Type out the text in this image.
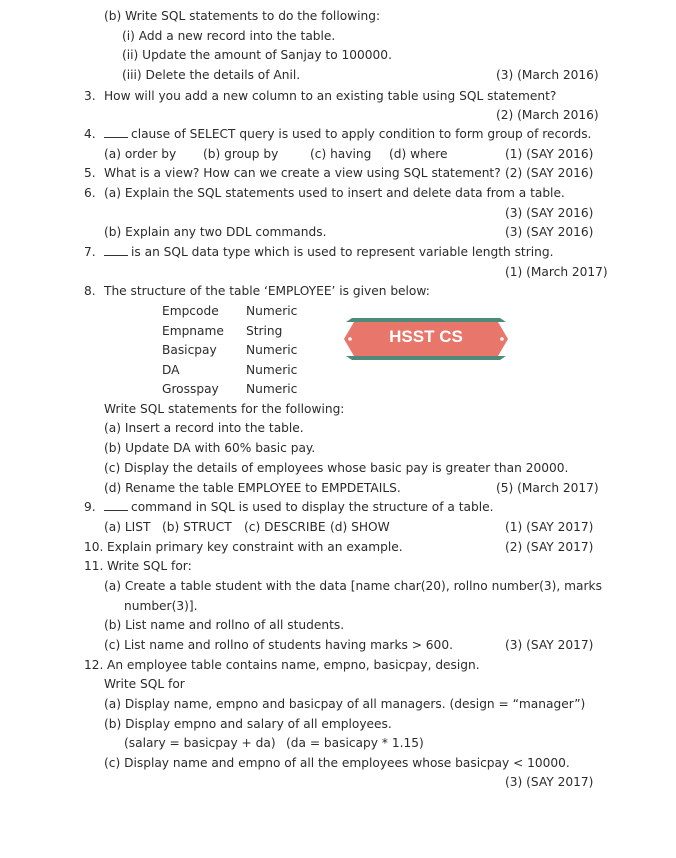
(b) Write SQL statements to do the following:
(i) Add a new record into the table.
(ii) Update the amount of Sanjay to 100000.
(iii) Delete the details of Anil.	(3) (March 2016)
3. How will you add a new column to an existing table using SQL statement?
(2) (March 2016)
4.	clause of SELECT query is used to apply condition to form group of records.
(a) order by (b) group by	(c) having (d) where	(1) (SAY 2016)
5. What is a view? How can we create a view using SQL statement? (2) (SAY 2016)
6. (a) Explain the SQL statements used to insert and delete data from a table.
(3) (SAY 2016)
(b) Explain any two DDL commands.	(3) (SAY 2016)
7.	is an SQL data type which is used to represent variable length string.
(1) (March 2017)
8. The structure of the table ‘EMPLOYEE’ is given below:
Empcode Numeric
Empname String
Basicpay Numeric
DA	Numeric
Grosspay Numeric
HSST CS
Write SQL statements for the following:
(a) Insert a record into the table.
(b) Update DA with 60% basic pay.
(c) Display the details of employees whose basic pay is greater than 20000.
(d) Rename the table EMPLOYEE to EMPDETAILS.	(5) (March 2017)
9.	command in SQL is used to display the structure of a table.
(a) LIST (b) STRUCT (c) DESCRIBE (d) SHOW	(1) (SAY 2017)
10. Explain primary key constraint with an example.	(2) (SAY 2017)
11. Write SQL for:
(a) Create a table student with the data [name char(20), rollno number(3), marks
number(3)].
(b) List name and rollno of all students.
(c) List name and rollno of students having marks > 600.	(3) (SAY 2017)
12. An employee table contains name, empno, basicpay, design.
Write SQL for
(a) Display name, empno and basicpay of all managers. (design = “manager”)
(b) Display empno and salary of all employees.
(salary = basicpay + da) (da = basicapy * 1.15)
(c) Display name and empno of all the employees whose basicpay < 10000.
(3) (SAY 2017)
